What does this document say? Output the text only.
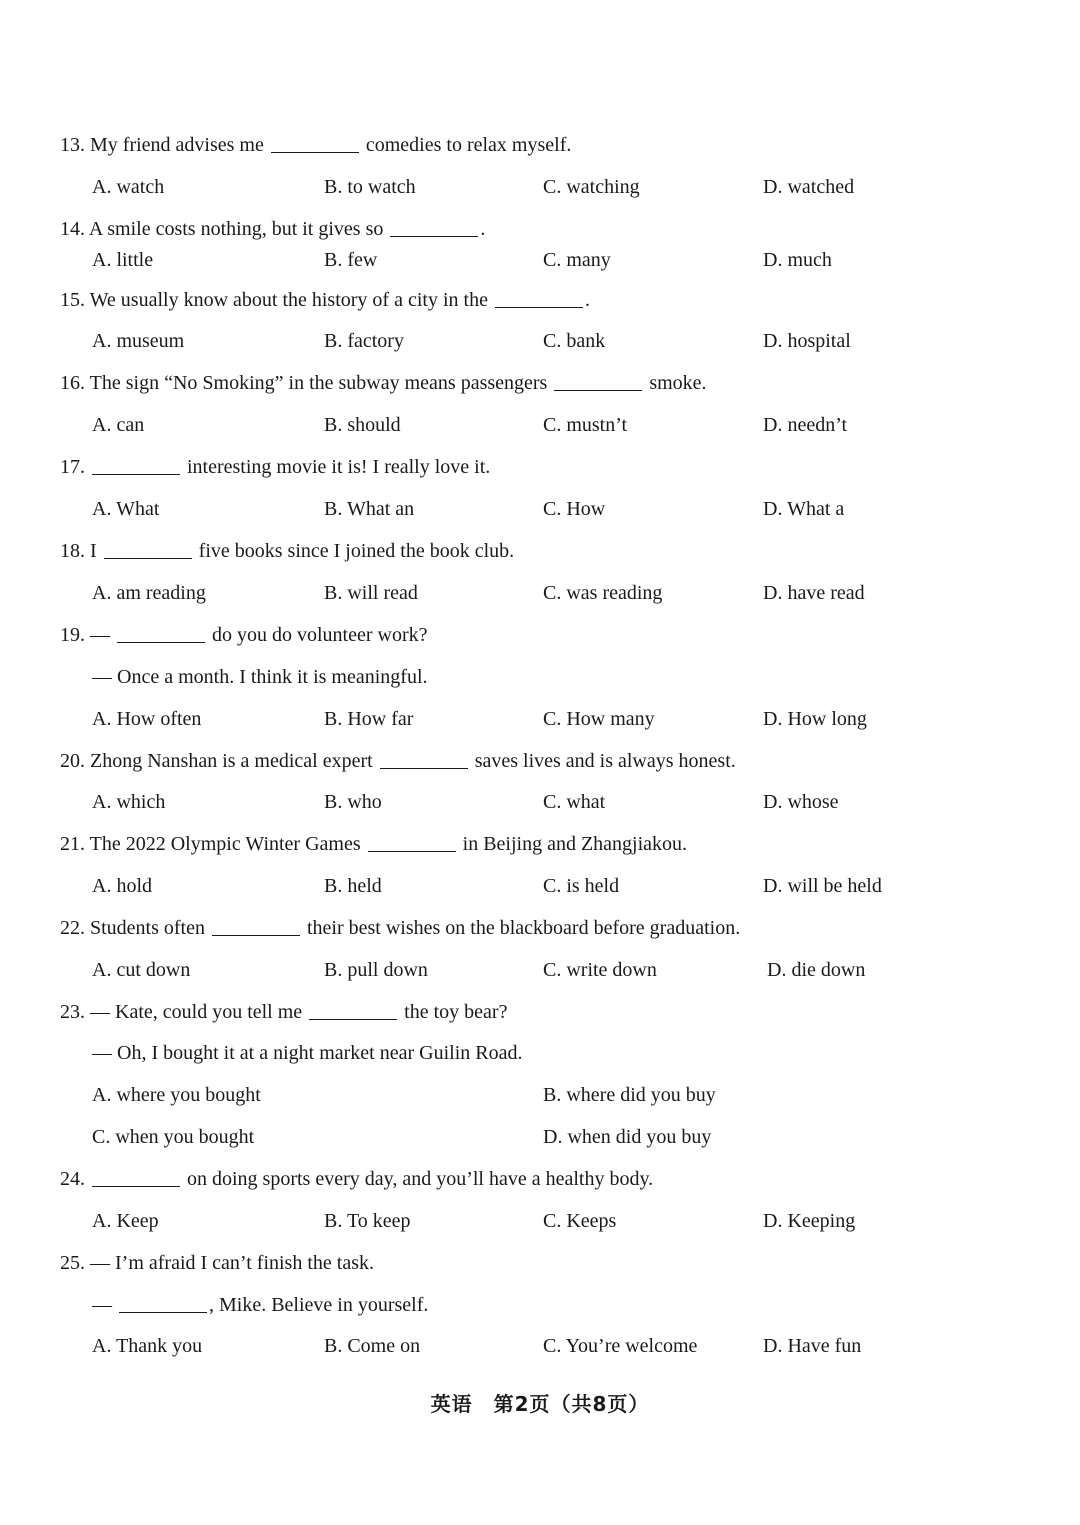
13. My friend advises me	comedies to relax myself.
A. watch	B. to watch	C. watching	D. watched
14. A smile costs nothing, but it gives so	.
A. little	B. few	C. many	D. much
15. We usually know about the history of a city in the	.
A. museum	B. factory	C. bank	D. hospital
16. The sign “No Smoking” in the subway means passengers	smoke.
A. can	B. should	C. mustn’t	D. needn’t
17.	interesting movie it is! I really love it.
A. What	B. What an	C. How	D. What a
18. I	five books since I joined the book club.
A. am reading	B. will read	C. was reading	D. have read
19. —	do you do volunteer work?
— Once a month. I think it is meaningful.
A. How often	B. How far	C. How many	D. How long
20. Zhong Nanshan is a medical expert	saves lives and is always honest.
A. which	B. who	C. what	D. whose
21. The 2022 Olympic Winter Games	in Beijing and Zhangjiakou.
A. hold	B. held	C. is held	D. will be held
22. Students often	their best wishes on the blackboard before graduation.
A. cut down	B. pull down	C. write down	D. die down
23. — Kate, could you tell me	the toy bear?
— Oh, I bought it at a night market near Guilin Road.
A. where you bought	B. where did you buy
C. when you bought	D. when did you buy
24.	on doing sports every day, and you’ll have a healthy body.
A. Keep	B. To keep	C. Keeps	D. Keeping
25. — I’m afraid I can’t finish the task.
—	, Mike. Believe in yourself.
A. Thank you	B. Come on	C. You’re welcome	D. Have fun
英语　第2页（共8页）
